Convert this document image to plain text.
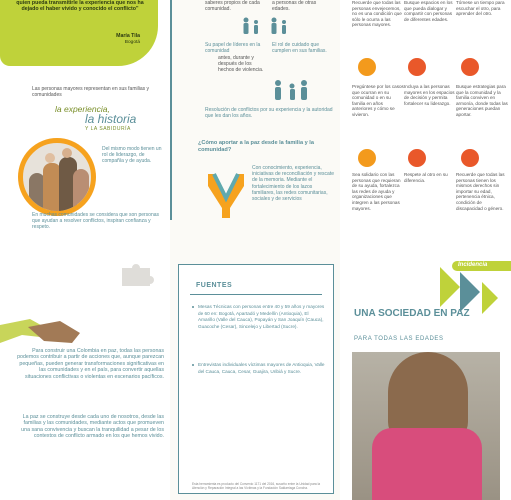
quien pueda transmitirle la experiencia que nos ha dejado el haber vivido y conocido el conflicto"
María Tila
Bogotá
Las personas mayores representan en sus familias y comunidades
la experiencia,
la historia
Y LA SABIDURÍA
Del mismo modo tienen un rol de liderazgo, de compañía y de ayuda.
En muchas comunidades se considera que son personas que ayudan a resolver conflictos, inspiran confianza y respeto.
saberes propios de cada comunidad.
a personas de otras edades.
Su papel de líderes en la comunidad
antes, durante y después de los hechos de violencia.
El rol de cuidado que cumplen en sus familias.
Resolución de conflictos por su experiencia y la autoridad que les dan los años.
¿Cómo aportar a la paz desde la familia y la comunidad?
Con conocimiento, experiencia, iniciativas de reconciliación y rescate de la memoria. Mediante el fortalecimiento de los lazos familiares, las redes comunitarias, sociales y de servicios
Recuerde que todas las personas envejecemos, no es una condición que sólo le ocurra a las personas mayores.
Busque espacios en los que pueda dialogar y compartir con personas de diferentes edades.
Tómese un tiempo para escuchar el otro, para aprender del otro.
Pregúntese por los casos que ocurran en su comunidad o en su familia en años anteriores y cómo se vivieron.
Incluya a las personas mayores en los espacios de decisión y permita fortalecer su liderazgo.
Busque estrategias para que la comunidad y la familia conviven en armonía, donde todas las generaciones puedan aportar.
Sea solidario con las personas que requieran de su ayuda, fortalezca las redes de ayuda y organizaciones que integren a las personas mayores.
Respete al otro en su diferencia.
Recuerde que todas las personas tienen los mismos derechos sin importar su edad, pertenencia étnica, condición de discapacidad o género.
Para construir una Colombia en paz, todas las personas podemos contribuir a partir de acciones que, aunque parezcan pequeñas, pueden generar transformaciones significativas en las comunidades y en el país, para convertir aquellas situaciones conflictivas o violentas en escenarios pacíficos.
La paz se construye desde cada uno de nosotros, desde las familias y las comunidades, mediante actos que promueven una sana convivencia y buscan la tranquilidad a pesar de los contextos de conflicto armado en los que hemos vivido.
FUENTES
Mesas Técnicas con personas entre 40 y 59 años y mayores de 60 en: Bogotá, Apartadó y Medellín (Antioquia), El Amarillo (Valle del Cauca), Popayán y San Joaquín (Cauca), Guacoche (Cesar), Sincelejo y Libertad (Sucre).
Entrevistas individuales víctimas mayores de Antioquia, Valle del Cauca, Cauca, Cesar, Guajira, Uribiá y Sucre.
Esta herramienta es producto del Convenio 1171 del 2016, suscrito entre la Unidad para la Atención y Reparación Integral a las Víctimas y la Fundación Saldarriaga Concha.
Incidencia
UNA SOCIEDAD EN PAZ
PARA TODAS LAS EDADES
